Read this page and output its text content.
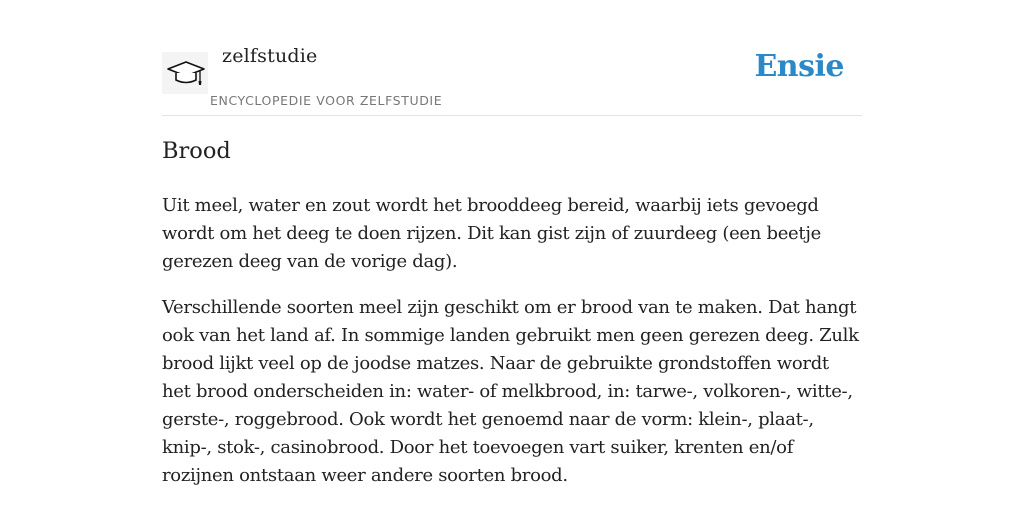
zelfstudie
ENCYCLOPEDIE VOOR ZELFSTUDIE
Ensie
Brood

Uit meel, water en zout wordt het brooddeeg bereid, waarbij iets gevoegd wordt om het deeg te doen rijzen. Dit kan gist zijn of zuurdeeg (een beetje gerezen deeg van de vorige dag).

Verschillende soorten meel zijn geschikt om er brood van te maken. Dat hangt ook van het land af. In sommige landen gebruikt men geen gerezen deeg. Zulk brood lijkt veel op de joodse matzes. Naar de gebruikte grondstoffen wordt het brood onderscheiden in: water- of melkbrood, in: tarwe-, volkoren-, witte-, gerste-, roggebrood. Ook wordt het genoemd naar de vorm: klein-, plaat-, knip-, stok-, casinobrood. Door het toevoegen vart suiker, krenten en/of rozijnen ontstaan weer andere soorten brood.
